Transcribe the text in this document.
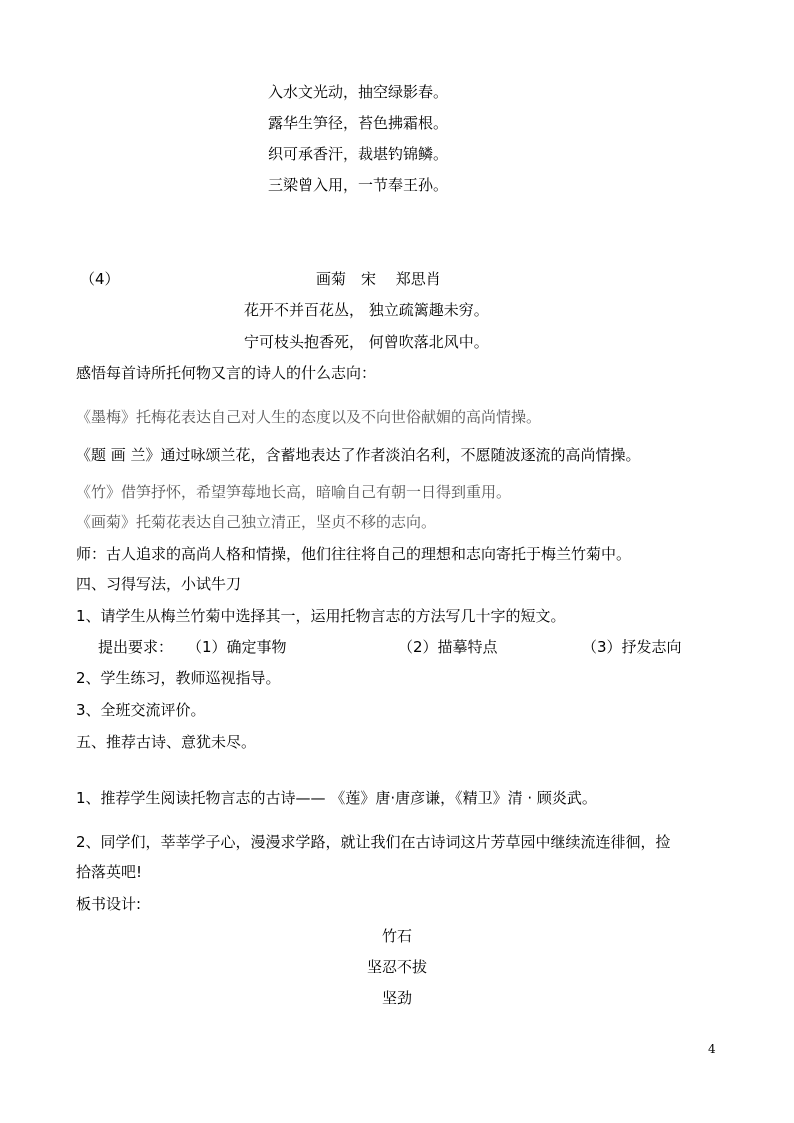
入水文光动，抽空绿影春。
露华生笋径，苔色拂霜根。
织可承香汗，裁堪钓锦鳞。
三梁曾入用，一节奉王孙。
（4）	画菊　宋　 郑思肖
花开不并百花丛， 独立疏篱趣未穷。
宁可枝头抱香死， 何曾吹落北风中。
感悟每首诗所托何物又言的诗人的什么志向：
《墨梅》托梅花表达自己对人生的态度以及不向世俗献媚的高尚情操。
《题 画 兰》通过咏颂兰花，含蓄地表达了作者淡泊名利，不愿随波逐流的高尚情操。
《竹》借笋抒怀，希望笋莓地长高，暗喻自己有朝一日得到重用。
《画菊》托菊花表达自己独立清正，坚贞不移的志向。
师：古人追求的高尚人格和情操，他们往往将自己的理想和志向寄托于梅兰竹菊中。
四、习得写法，小试牛刀
1、请学生从梅兰竹菊中选择其一，运用托物言志的方法写几十字的短文。
提出要求： （1）确定事物	（2）描摹特点	（3）抒发志向
2、学生练习，教师巡视指导。
3、全班交流评价。
五、推荐古诗、意犹未尽。
1、推荐学生阅读托物言志的古诗—— 《莲》唐·唐彦谦，《精卫》清 · 顾炎武。
2、同学们，莘莘学子心，漫漫求学路，就让我们在古诗词这片芳草园中继续流连徘徊，捡
拾落英吧!
板书设计:
竹石
坚忍不拔
坚劲
4
